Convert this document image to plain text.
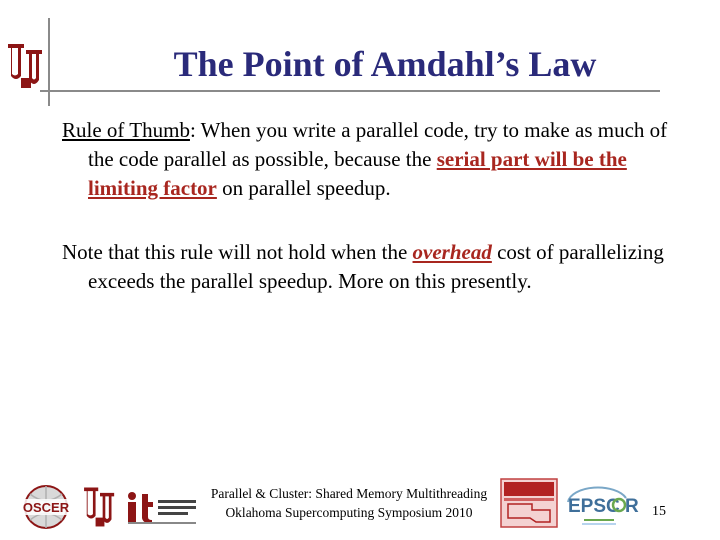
The Point of Amdahl’s Law
Rule of Thumb: When you write a parallel code, try to make as much of the code parallel as possible, because the serial part will be the limiting factor on parallel speedup.
Note that this rule will not hold when the overhead cost of parallelizing exceeds the parallel speedup. More on this presently.
OSCER
Parallel & Cluster: Shared Memory Multithreading
Oklahoma Supercomputing Symposium 2010	EPSC R 15
